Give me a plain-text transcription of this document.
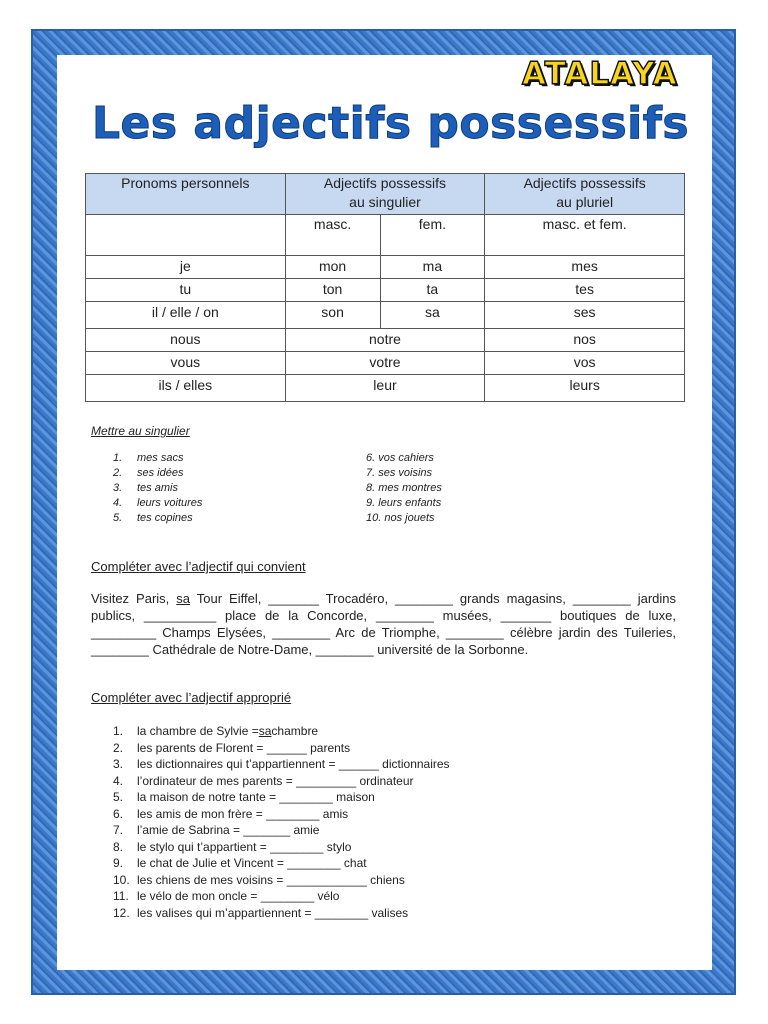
ATALAYA
Les adjectifs possessifs
Pronoms personnels	Adjectifs possessifs
au singulier		Adjectifs possessifs
au pluriel
	masc.	fem.	masc. et fem.
je	mon	ma	mes
tu	ton	ta	tes
il / elle / on	son	sa	ses
nous	notre		nos
vous	votre		vos
ils / elles	leur		leurs
Mettre au singulier
1.	mes sacs
2.	ses idées
3.	tes amis
4.	leurs voitures
5.	tes copines
6.
vos cahiers
7.
ses voisins
8.
mes montres
9.
leurs enfants
10.
nos jouets
Compléter avec l’adjectif qui convient
Visitez Paris, sa Tour Eiffel, _______ Trocadéro, ________ grands magasins, ________ jardins publics, __________ place de la Concorde, ________ musées, _______ boutiques de luxe, _________ Champs Elysées, ________ Arc de Triomphe, ________ célèbre jardin des Tuileries, ________ Cathédrale de Notre-Dame, ________ université de la Sorbonne.
Compléter avec l’adjectif approprié
1.	la chambre de Sylvie = sa chambre
2.	les parents de Florent = ______ parents
3.	les dictionnaires qui t’appartiennent = ______ dictionnaires
4.	l’ordinateur de mes parents = _________ ordinateur
5.	la maison de notre tante = ________ maison
6.	les amis de mon frère = ________ amis
7.	l’amie de Sabrina = _______ amie
8.	le stylo qui t’appartient = ________ stylo
9.	le chat de Julie et Vincent = ________ chat
10. les chiens de mes voisins = ____________ chiens
11. le vélo de mon oncle = ________ vélo
12. les valises qui m’appartiennent = ________ valises
